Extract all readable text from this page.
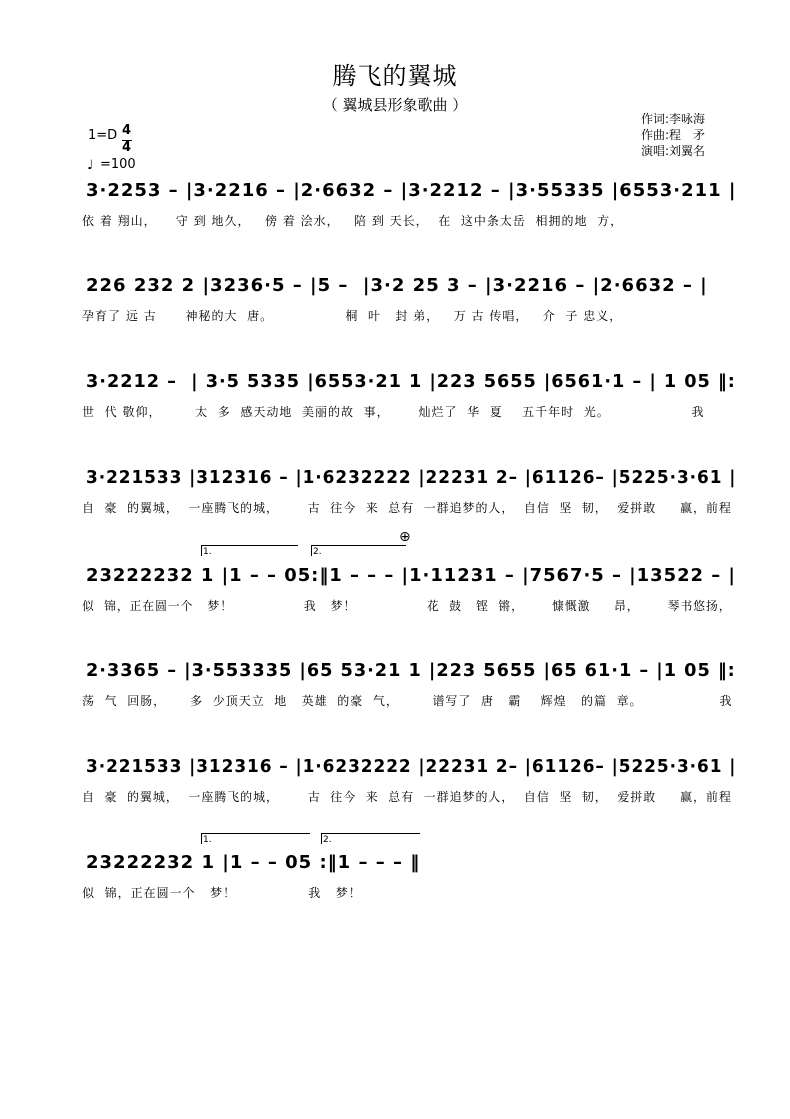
腾飞的翼城
（ 翼城县形象歌曲 ）
作词:李咏海
作曲:程　矛
演唱:刘翼名
1=D 4
4
♩ =100
3·2253 – |3·2216 – |2·6632 – |3·2212 – |3·55335 |6553·211 |
依 着 翔山，    守 到 地久，   傍 着 浍水，   陪 到 天长，  在  这中条太岳  相拥的地  方，
226 232 2 |3236·5 – |5 –  |3·2 25 3 – |3·2216 – |2·6632 – |
孕育了 远 古      神秘的大  唐。               桐  叶   封 弟，   万 古 传唱，   介  子 忠义，
3·2212 –  | 3·5 5335 |6553·21 1 |223 5655 |6561·1 – | 1 05 ‖:
世  代 敬仰，       太  多  感天动地  美丽的故  事，      灿烂了  华  夏    五千年时  光。                 我
3·221533 |312316 – |1·6232222 |22231 2– |61126– |5225·3·61 |
自  豪  的翼城，  一座腾飞的城，      古  往今  来  总有  一群追梦的人，  自信  坚  韧，  爱拼敢     赢，前程
1.	2.
⊕
23222232 1 |1 – – 05:‖1 – – – |1·11231 – |7567·5 – |13522 – |
似  锦，正在圆一个   梦！               我   梦！               花  鼓   铿  锵，      慷慨激     昂，      琴书悠扬，
2·3365 – |3·553335 |65 53·21 1 |223 5655 |65 61·1 – |1 05 ‖:
荡  气  回肠，     多  少顶天立  地   英雄  的豪  气，       谱写了  唐   霸    辉煌   的篇  章。                我
3·221533 |312316 – |1·6232222 |22231 2– |61126– |5225·3·61 |
自  豪  的翼城，  一座腾飞的城，      古  往今  来  总有  一群追梦的人，  自信  坚  韧，  爱拼敢     赢，前程
1.	2.
23222232 1 |1 – – 05 :‖1 – – – ‖
似  锦，正在圆一个   梦！               我   梦！
